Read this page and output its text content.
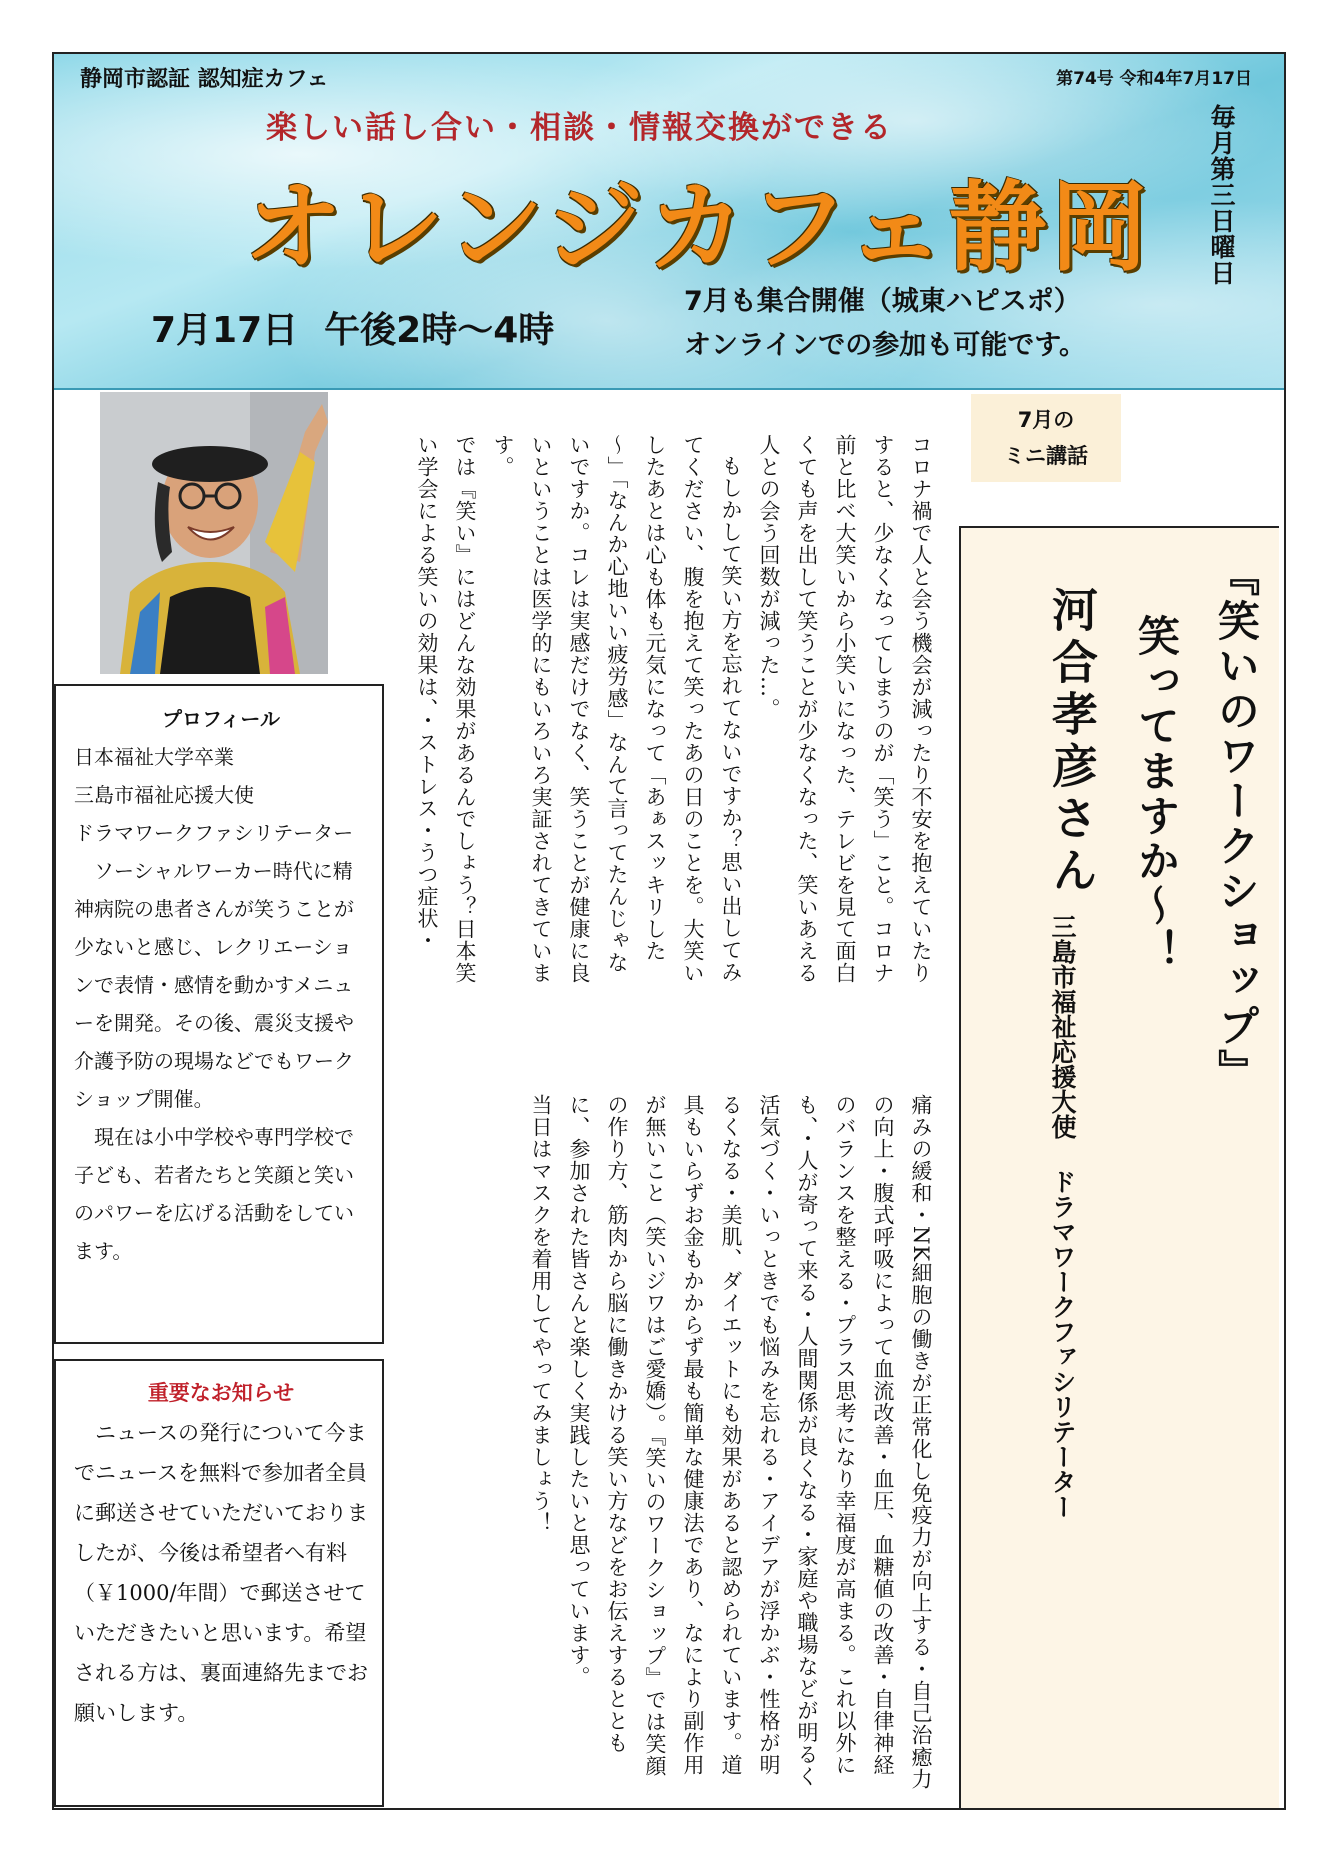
静岡市認証 認知症カフェ	第74号 令和4年7月17日
楽しい話し合い・相談・情報交換ができる
オレンジカフェ静岡 毎月第三日曜日
7月17日 午後2時～4時
7月も集合開催（城東ハピスポ）
オンラインでの参加も可能です。
プロフィール

日本福祉大学卒業

三島市福祉応援大使

ドラマワークファシリテーター

ソーシャルワーカー時代に精神病院の患者さんが笑うことが少ないと感じ、レクリエーションで表情・感情を動かすメニューを開発。その後、震災支援や介護予防の現場などでもワークショップ開催。

現在は小中学校や専門学校で子ども、若者たちと笑顔と笑いのパワーを広げる活動をしています。

重要なお知らせ

ニュースの発行について今までニュースを無料で参加者全員に郵送させていただいておりましたが、今後は希望者へ有料（￥1000/年間）で郵送させていただきたいと思います。希望される方は、裏面連絡先までお願いします。

コロナ禍で人と会う機会が減ったり不安を抱えていたりすると、少なくなってしまうのが「笑う」こと。コロナ前と比べ大笑いから小笑いになった、テレビを見て面白くても声を出して笑うことが少なくなった、笑いあえる人との会う回数が減った…。

もしかして笑い方を忘れてないですか？思い出してみてください、腹を抱えて笑ったあの日のことを。大笑いしたあとは心も体も元気になって「あぁスッキリした～」「なんか心地いい疲労感」なんて言ってたんじゃないですか。コレは実感だけでなく、笑うことが健康に良いということは医学的にもいろいろ実証されてきています。

では『笑い』にはどんな効果があるんでしょう？日本笑い学会による笑いの効果は、・ストレス・うつ症状・

痛みの緩和・NK細胞の働きが正常化し免疫力が向上する・自己治癒力の向上・腹式呼吸によって血流改善・血圧、血糖値の改善・自律神経のバランスを整える・プラス思考になり幸福度が高まる。これ以外にも、・人が寄って来る・人間関係が良くなる・家庭や職場などが明るく活気づく・いっときでも悩みを忘れる・アイデアが浮かぶ・性格が明るくなる・美肌、ダイエットにも効果があると認められています。道具もいらずお金もかからず最も簡単な健康法であり、なにより副作用が無いこと（笑いジワはご愛嬌）。『笑いのワークショップ』では笑顔の作り方、筋肉から脳に働きかける笑い方などをお伝えするとともに、参加された皆さんと楽しく実践したいと思っています。

当日はマスクを着用してやってみましょう！

7月の
ミニ講話
『笑いのワークショップ』
笑ってますか～！
河合孝彦さん
三島市福祉応援大使ドラマワークファシリテーター
